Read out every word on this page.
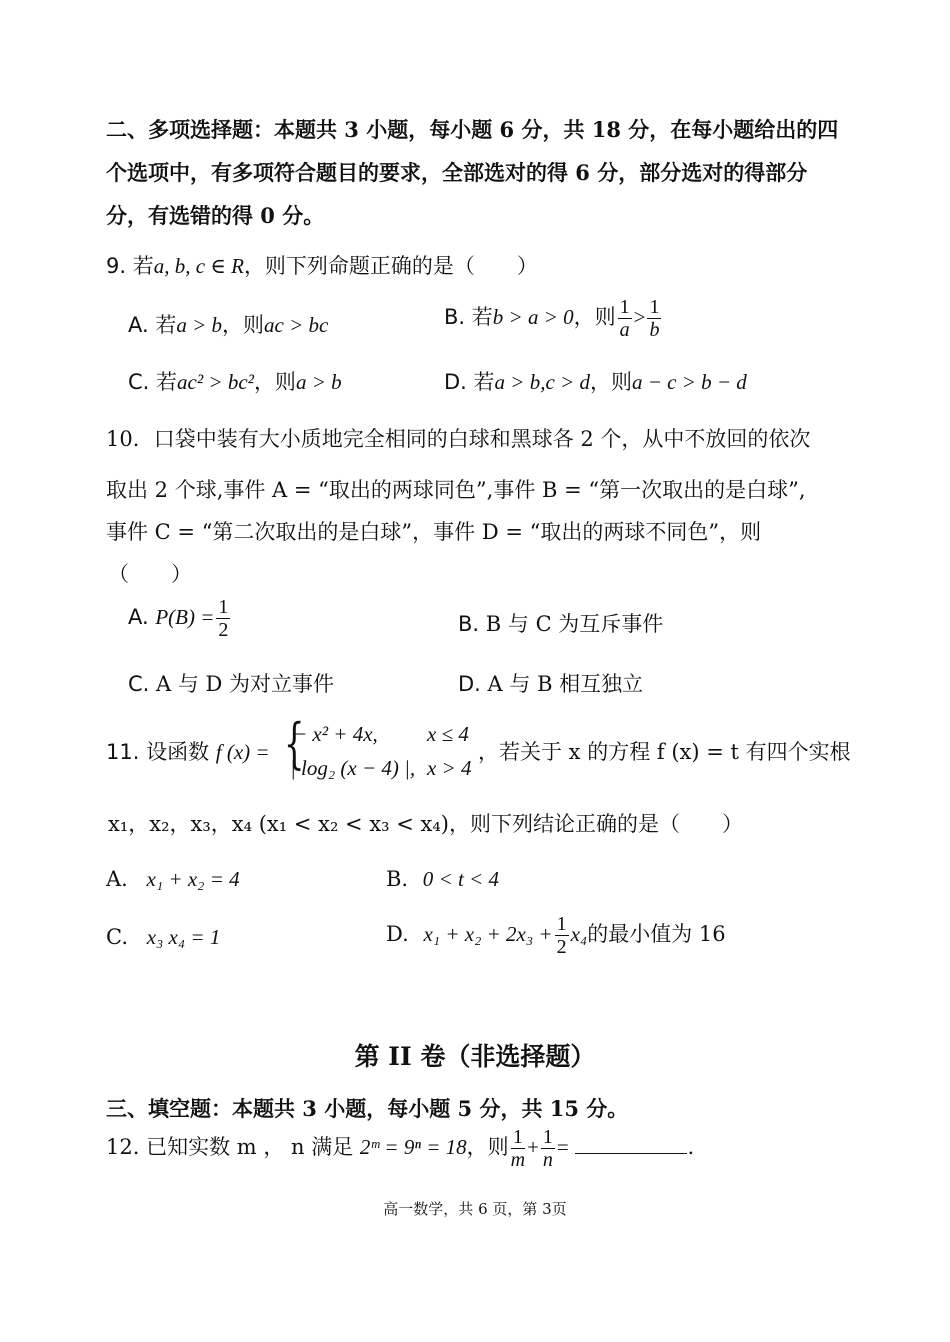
二、多项选择题：本题共 3 小题，每小题 6 分，共 18 分，在每小题给出的四
个选项中，有多项符合题目的要求，全部选对的得 6 分，部分选对的得部分
分，有选错的得 0 分。
9. 若a, b, c ∈ R，则下列命题正确的是（　　）
A. 若a > b，则ac > bc	B. 若b > a > 0，则 $\frac{1}{a} > \frac{1}{b}$
C. 若ac² > bc²，则a > b	D. 若a > b,c > d，则a − c > b − d
10．口袋中装有大小质地完全相同的白球和黑球各 2 个，从中不放回的依次
取出 2 个球,事件 A = “取出的两球同色”,事件 B = “第一次取出的是白球”,
事件 C = “第二次取出的是白球”，事件 D = “取出的两球不同色”，则
（　　）
A. $P(B) = \frac{1}{2}$	B. B 与 C 为互斥事件
C. A 与 D 为对立事件	D. A 与 B 相互独立
11. 设函数 f (x) = {
− x² + 4x, x ≤ 4
| log₂ (x − 4) |, x > 4
，若关于 x 的方程 f (x) = t 有四个实根
x₁，x₂，x₃，x₄ (x₁ < x₂ < x₃ < x₄)，则下列结论正确的是（　　）
A. x₁ + x₂ = 4	B. 0 < t < 4
C. x₃ x₄ = 1	D. $x_1 + x_2 + 2x_3 + \frac{1}{2} x_4$的最小值为 16
第 II 卷（非选择题）
三、填空题：本题共 3 小题，每小题 5 分，共 15 分。
12. 已知实数 m ， n 满足 2ᵐ = 9ⁿ = 18，则 $\frac{1}{m} + \frac{1}{n}$ =	.
高一数学，共 6 页，第 3页
